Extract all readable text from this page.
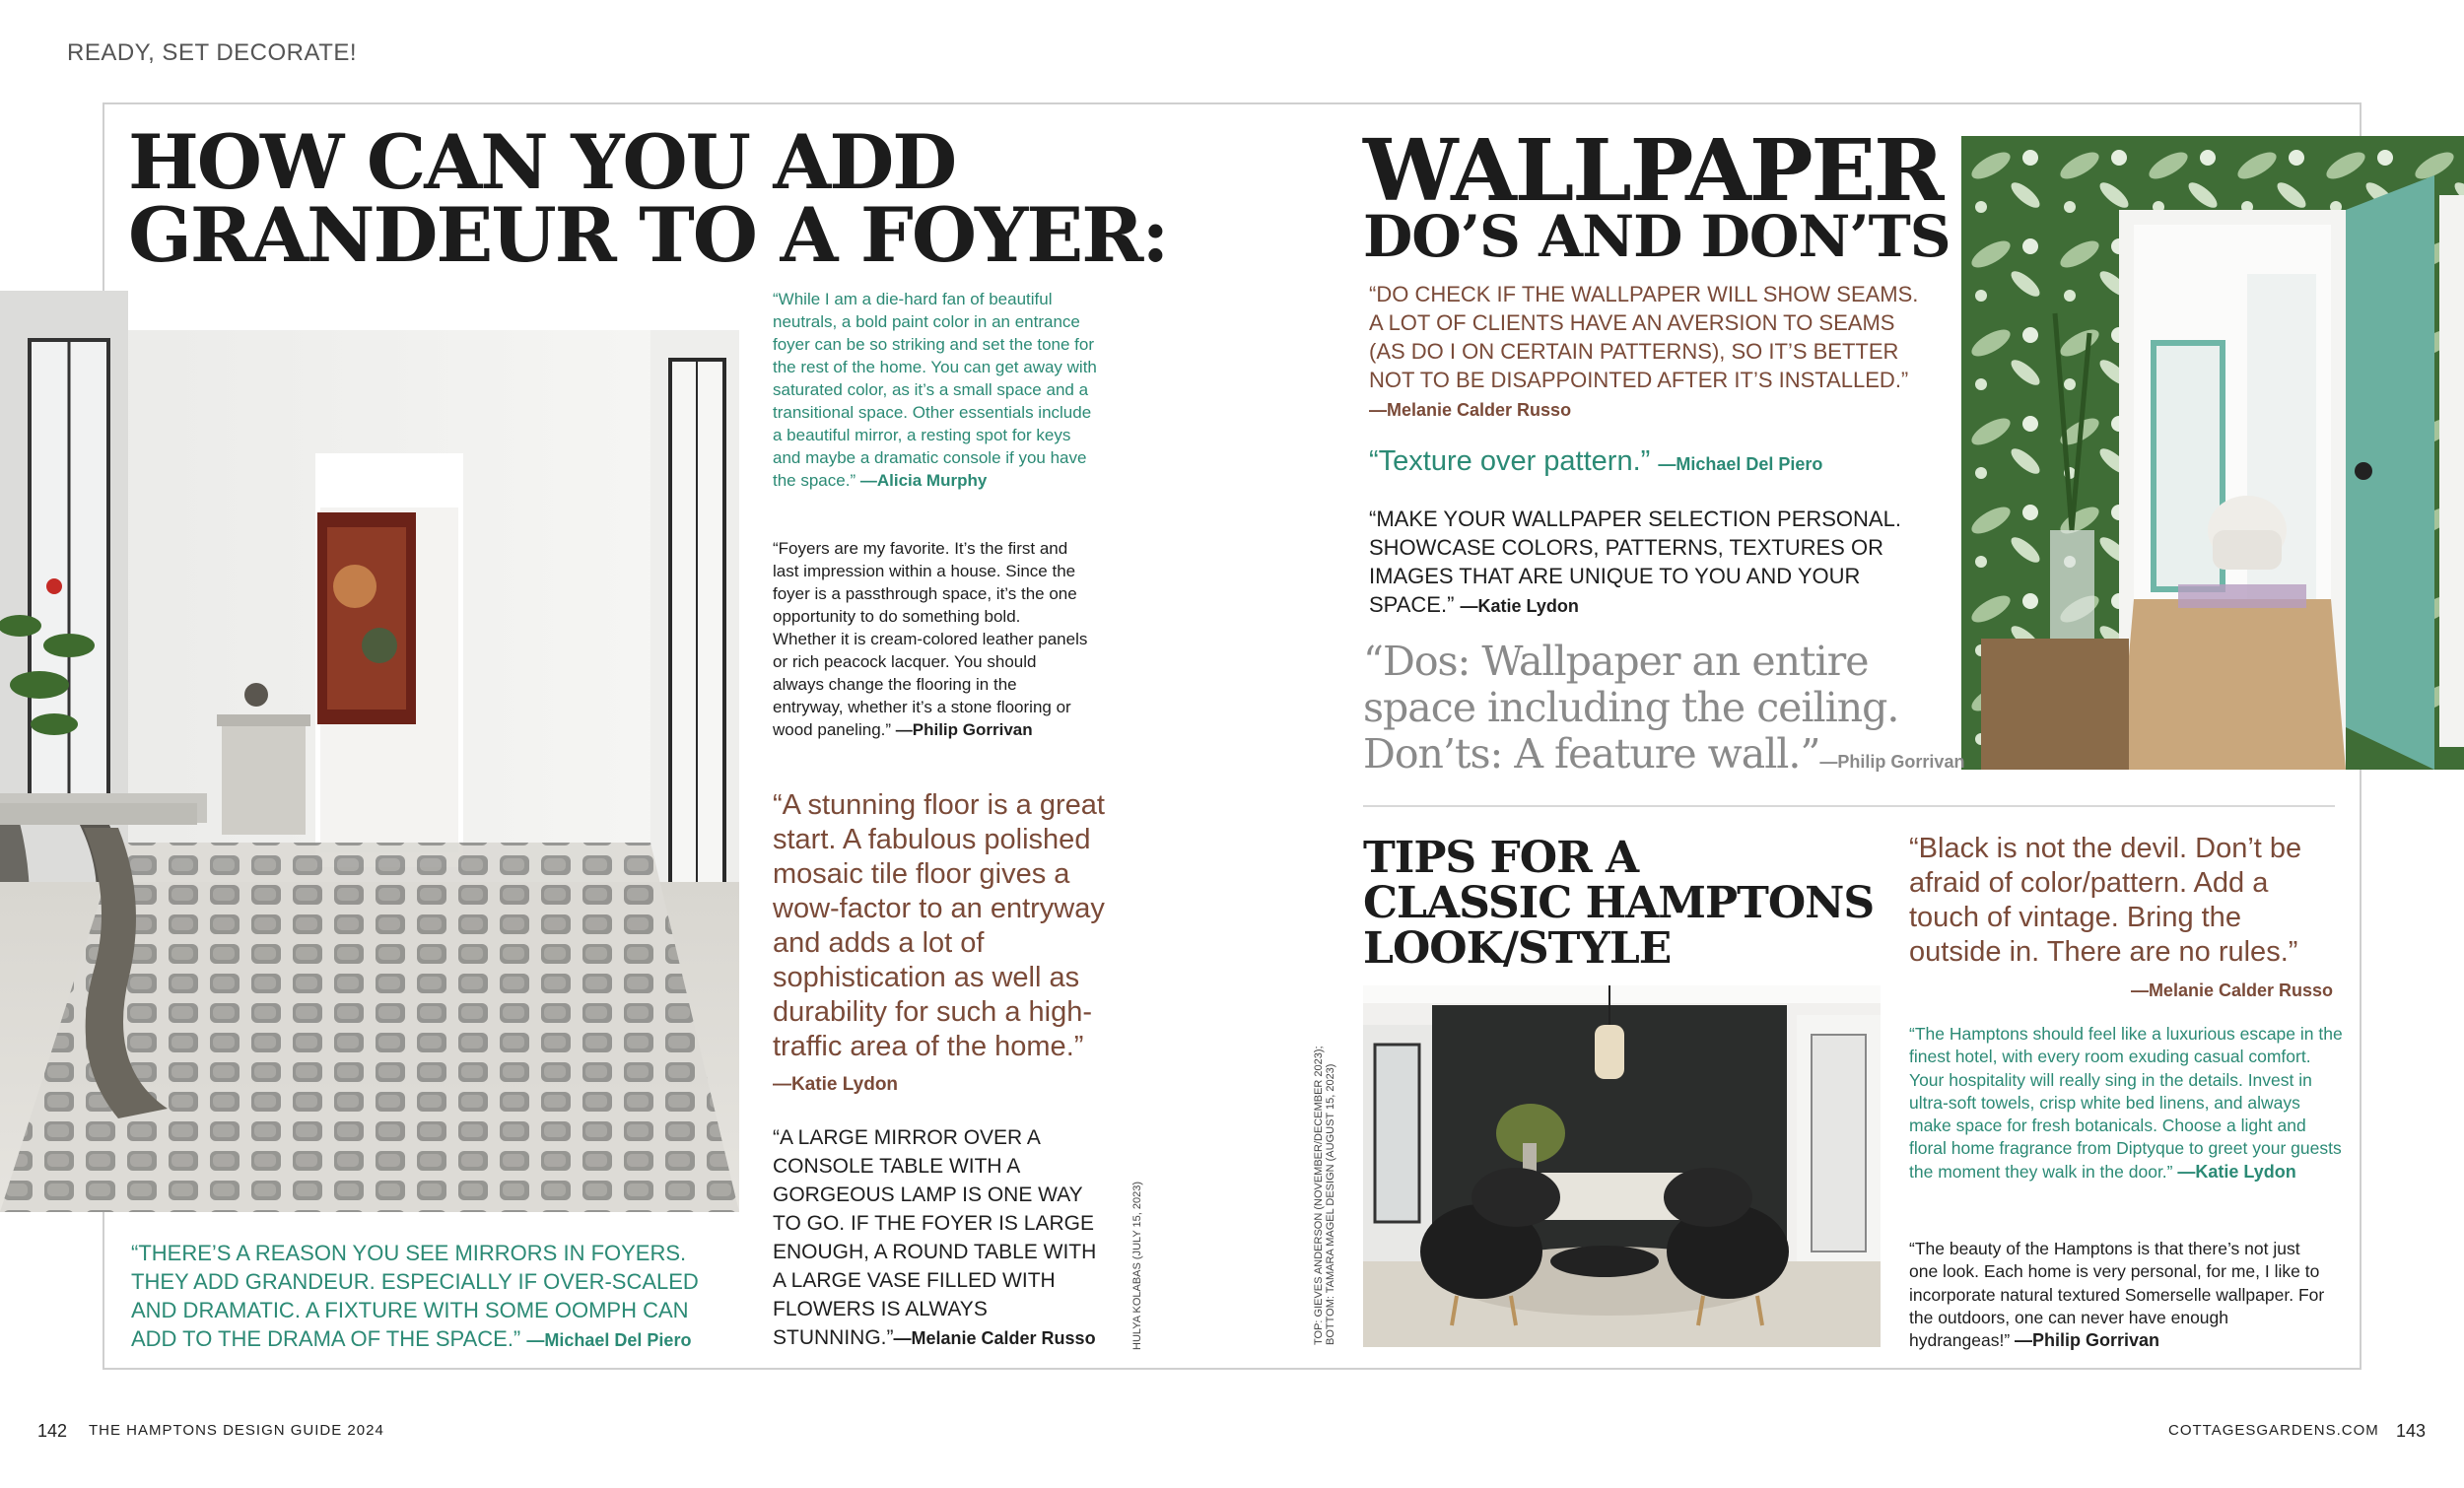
READY, SET DECORATE!
HOW CAN YOU ADD
GRANDEUR TO A FOYER:
“While I am a die-hard fan of beautiful neutrals, a bold paint color in an entrance foyer can be so striking and set the tone for the rest of the home. You can get away with saturated color, as it’s a small space and a transitional space. Other essentials include a beautiful mirror, a resting spot for keys and maybe a dramatic console if you have the space.” —Alicia Murphy
“Foyers are my favorite. It’s the first and last impression within a house. Since the foyer is a passthrough space, it’s the one opportunity to do something bold. Whether it is cream-colored leather panels or rich peacock lacquer. You should always change the flooring in the entryway, whether it’s a stone flooring or wood paneling.” —Philip Gorrivan
“A stunning floor is a great start. A fabulous polished mosaic tile floor gives a wow-factor to an entryway and adds a lot of sophistication as well as durability for such a high-traffic area of the home.” —Katie Lydon
“A LARGE MIRROR OVER A CONSOLE TABLE WITH A GORGEOUS LAMP IS ONE WAY TO GO. IF THE FOYER IS LARGE ENOUGH, A ROUND TABLE WITH A LARGE VASE FILLED WITH FLOWERS IS ALWAYS STUNNING.”—Melanie Calder Russo
“THERE’S A REASON YOU SEE MIRRORS IN FOYERS. THEY ADD GRANDEUR. ESPECIALLY IF OVER-SCALED AND DRAMATIC. A FIXTURE WITH SOME OOMPH CAN ADD TO THE DRAMA OF THE SPACE.” —Michael Del Piero	HULYA KOLABAS (JULY 15, 2023)
WALLPAPER
DO’S AND DON’TS
“DO CHECK IF THE WALLPAPER WILL SHOW SEAMS. A LOT OF CLIENTS HAVE AN AVERSION TO SEAMS (AS DO I ON CERTAIN PATTERNS), SO IT’S BETTER NOT TO BE DISAPPOINTED AFTER IT’S INSTALLED.” —Melanie Calder Russo
“Texture over pattern.” —Michael Del Piero
“MAKE YOUR WALLPAPER SELECTION PERSONAL. SHOWCASE COLORS, PATTERNS, TEXTURES OR IMAGES THAT ARE UNIQUE TO YOU AND YOUR SPACE.” —Katie Lydon
“Dos: Wallpaper an entire space including the ceiling. Don’ts: A feature wall.”—Philip Gorrivan
TIPS FOR A
CLASSIC HAMPTONS
LOOK/STYLE
TOP: GIEVES ANDERSON (NOVEMBER/DECEMBER 2023); BOTTOM: TAMARA MAGEL DESIGN (AUGUST 15, 2023)
“Black is not the devil. Don’t be afraid of color/pattern. Add a touch of vintage. Bring the outside in. There are no rules.”
—Melanie Calder Russo
“The Hamptons should feel like a luxurious escape in the finest hotel, with every room exuding casual comfort. Your hospitality will really sing in the details. Invest in ultra-soft towels, crisp white bed linens, and always make space for fresh botanicals. Choose a light and floral home fragrance from Diptyque to greet your guests the moment they walk in the door.” —Katie Lydon
“The beauty of the Hamptons is that there’s not just one look. Each home is very personal, for me, I like to incorporate natural textured Somerselle wallpaper. For the outdoors, one can never have enough hydrangeas!” —Philip Gorrivan
142 THE HAMPTONS DESIGN GUIDE 2024	COTTAGESGARDENS.COM 143
